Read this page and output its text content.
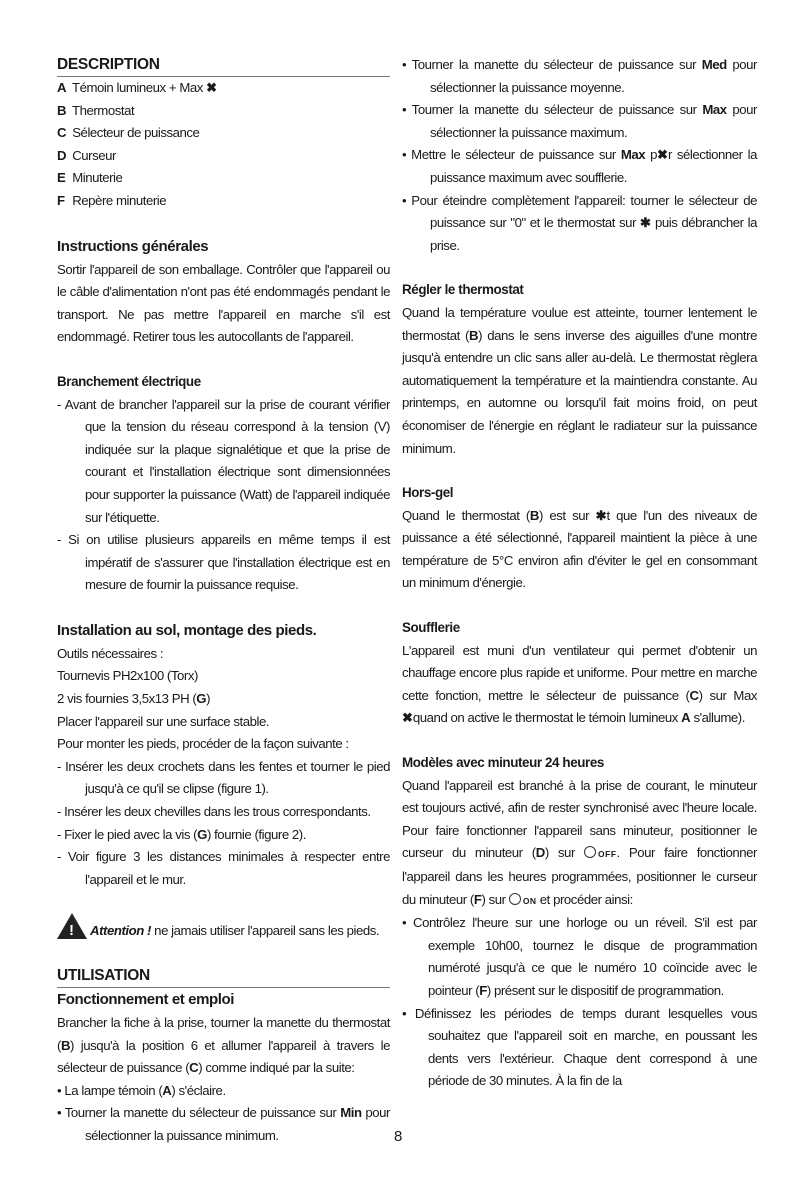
DESCRIPTION
A Témoin lumineux + Max ✖
B Thermostat
C Sélecteur de puissance
D Curseur
E Minuterie
F Repère minuterie
Instructions générales

Sortir l'appareil de son emballage. Contrôler que l'appareil ou le câble d'alimentation n'ont pas été endommagés pendant le transport. Ne pas mettre l'appareil en marche s'il est endommagé. Retirer tous les autocollants de l'appareil.

Branchement électrique

- Avant de brancher l'appareil sur la prise de courant vérifier que la tension du réseau correspond à la tension (V) indiquée sur la plaque signalétique et que la prise de courant et l'installation électrique sont dimensionnées pour supporter la puissance (Watt) de l'appareil indiquée sur l'étiquette.

- Si on utilise plusieurs appareils en même temps il est impératif de s'assurer que l'installation électrique est en mesure de fournir la puissance requise.

Installation au sol, montage des pieds.

Outils nécessaires :

Tournevis PH2x100 (Torx)

2 vis fournies 3,5x13 PH (G)

Placer l'appareil sur une surface stable.

Pour monter les pieds, procéder de la façon suivante :

- Insérer les deux crochets dans les fentes et tourner le pied jusqu'à ce qu'il se clipse (figure 1).

- Insérer les deux chevilles dans les trous correspondants.

- Fixer le pied avec la vis (G) fournie (figure 2).

- Voir figure 3 les distances minimales à respecter entre l'appareil et le mur.

!Attention ! ne jamais utiliser l'appareil sans les pieds.

UTILISATION
Fonctionnement et emploi

Brancher la fiche à la prise, tourner la manette du thermostat (B) jusqu'à la position 6 et allumer l'appareil à travers le sélecteur de puissance (C) comme indiqué par la suite:

• La lampe témoin (A) s'éclaire.

• Tourner la manette du sélecteur de puissance sur Min pour sélectionner la puissance minimum.

• Tourner la manette du sélecteur de puissance sur Med pour sélectionner la puissance moyenne.

• Tourner la manette du sélecteur de puissance sur Max pour sélectionner la puissance maximum.

• Mettre le sélecteur de puissance sur Max p✖r sélectionner la puissance maximum avec soufflerie.

• Pour éteindre complètement l'appareil: tourner le sélecteur de puissance sur "0" et le thermostat sur ✱ puis débrancher la prise.

Régler le thermostat

Quand la température voulue est atteinte, tourner lentement le thermostat (B) dans le sens inverse des aiguilles d'une montre jusqu'à entendre un clic sans aller au-delà. Le thermostat règlera automatiquement la température et la maintiendra constante. Au printemps, en automne ou lorsqu'il fait moins froid, on peut économiser de l'énergie en réglant le radiateur sur la puissance minimum.

Hors-gel

Quand le thermostat (B) est sur ✱t que l'un des niveaux de puissance a été sélectionné, l'appareil maintient la pièce à une température de 5°C environ afin d'éviter le gel en consommant un minimum d'énergie.

Soufflerie

L'appareil est muni d'un ventilateur qui permet d'obtenir un chauffage encore plus rapide et uniforme. Pour mettre en marche cette fonction, mettre le sélecteur de puissance (C) sur Max ✖quand on active le thermostat le témoin lumineux A s'allume).

Modèles avec minuteur 24 heures

Quand l'appareil est branché à la prise de courant, le minuteur est toujours activé, afin de rester synchronisé avec l'heure locale. Pour faire fonctionner l'appareil sans minuteur, positionner le curseur du minuteur (D) sur OFF. Pour faire fonctionner l'appareil dans les heures programmées, positionner le curseur du minuteur (F) sur ON et procéder ainsi:

• Contrôlez l'heure sur une horloge ou un réveil. S'il est par exemple 10h00, tournez le disque de programmation numéroté jusqu'à ce que le numéro 10 coïncide avec le pointeur (F) présent sur le dispositif de programmation.

• Définissez les périodes de temps durant lesquelles vous souhaitez que l'appareil soit en marche, en poussant les dents vers l'extérieur. Chaque dent correspond à une période de 30 minutes. À la fin de la

8
